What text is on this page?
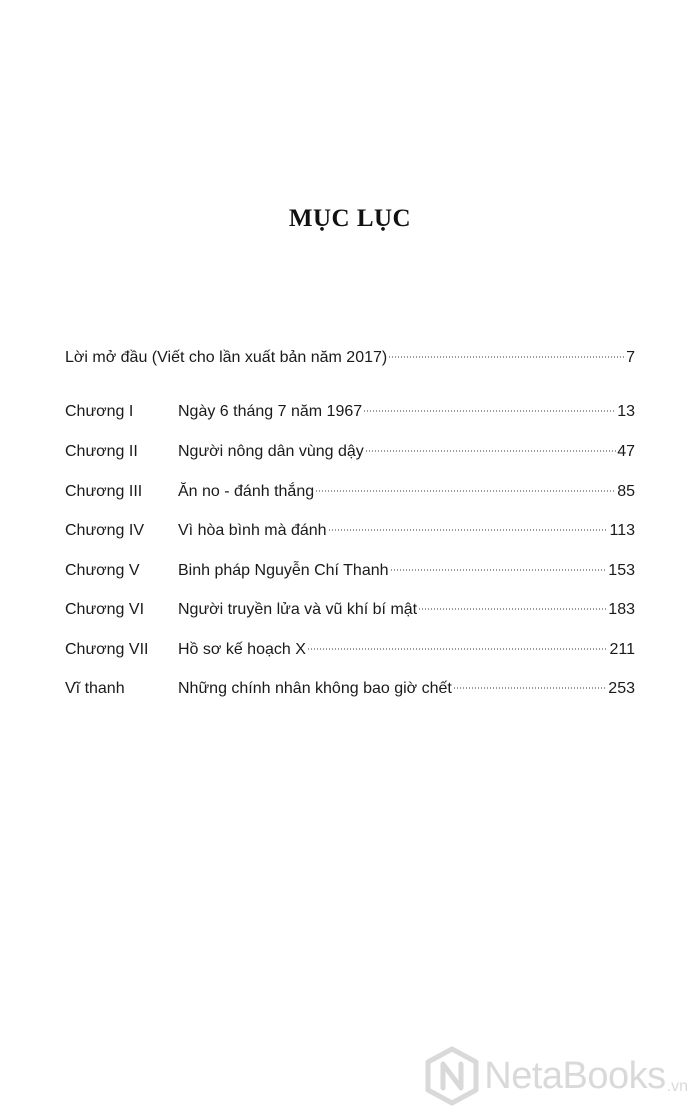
MỤC LỤC
Lời mở đầu (Viết cho lần xuất bản năm 2017)	7
Chương I	Ngày 6 tháng 7 năm 1967	13
Chương II	Người nông dân vùng dậy	47
Chương III	Ăn no - đánh thắng	85
Chương IV	Vì hòa bình mà đánh	113
Chương V	Binh pháp Nguyễn Chí Thanh	153
Chương VI	Người truyền lửa và vũ khí bí mật	183
Chương VII	Hồ sơ kế hoạch X	211
Vĩ thanh	Những chính nhân không bao giờ chết	253
NetaBooks .vn
